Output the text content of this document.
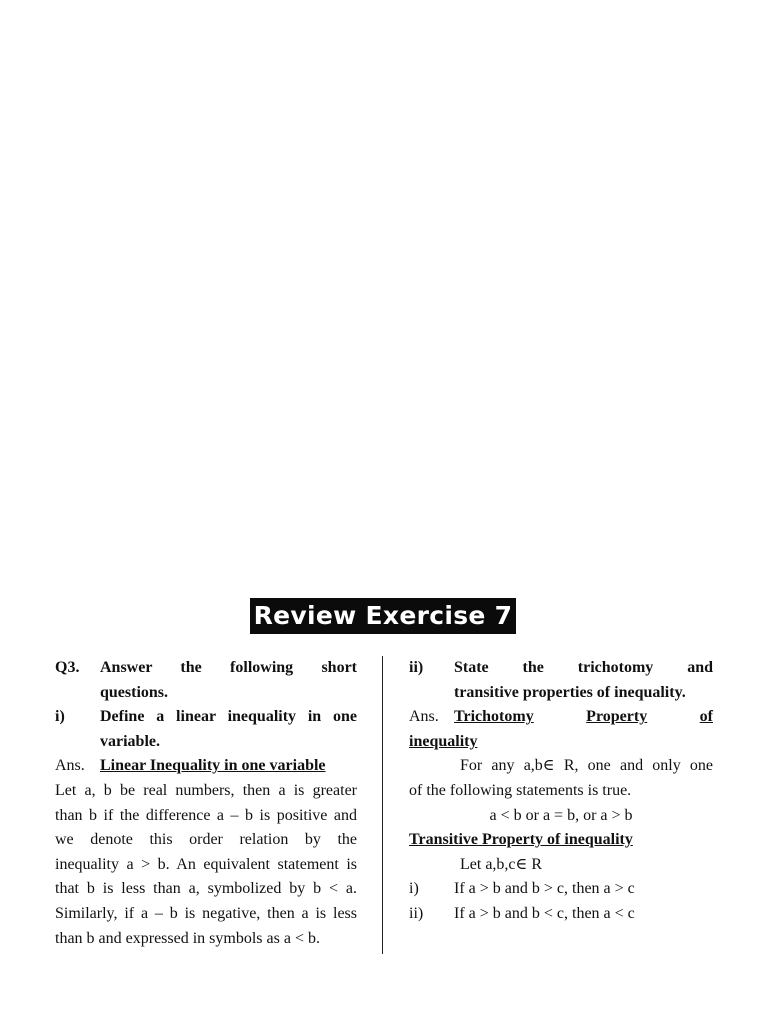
Review Exercise 7
Q3.	Answer the following short
questions.
i)	Define a linear inequality in one
variable.
Ans. Linear Inequality in one variable
Let a, b be real numbers, then a is greater
than b if the difference a – b is positive and
we denote this order relation by the
inequality a > b. An equivalent statement is
that b is less than a, symbolized by b < a.
Similarly, if a – b is negative, then a is less
than b and expressed in symbols as a < b.
ii)	State the trichotomy and
transitive properties of inequality.
Ans. Trichotomy	Property	of
inequality
For any a,b∈ R, one and only one
of the following statements is true.
a < b or a = b, or a > b
Transitive Property of inequality
Let a,b,c∈ R
i)	If a > b and b > c, then a > c
ii)	If a > b and b < c, then a < c
